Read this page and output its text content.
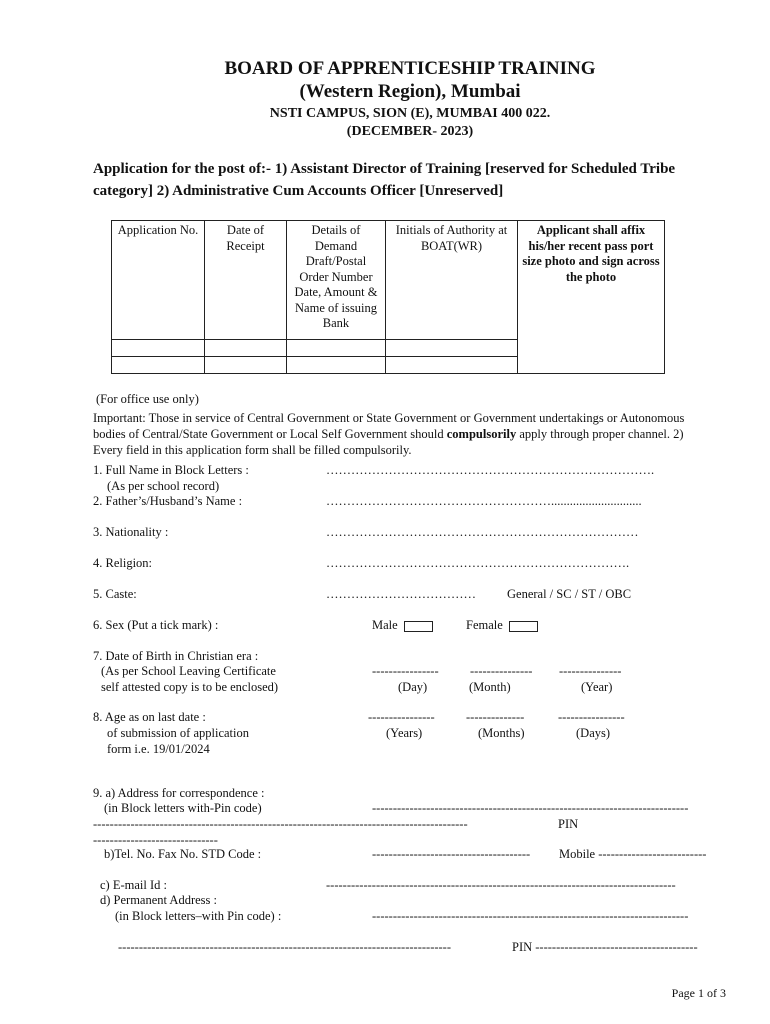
BOARD OF APPRENTICESHIP TRAINING
(Western Region), Mumbai
NSTI CAMPUS, SION (E), MUMBAI 400 022.
(DECEMBER- 2023)
Application for the post of:- 1) Assistant Director of Training [reserved for Scheduled Tribe category] 2) Administrative Cum Accounts Officer [Unreserved]
Application No.	Date of Receipt	Details of Demand Draft/Postal Order Number Date, Amount & Name of issuing Bank	Initials of Authority at BOAT(WR)	Applicant shall affix his/her recent pass port size photo and sign across the photo

(For office use only)
Important: Those in service of Central Government or State Government or Government undertakings or Autonomous bodies of Central/State Government or Local Self Government should compulsorily apply through proper channel. 2) Every field in this application form shall be filled compulsorily.
1. Full Name in Block Letters :
(As per school record)
…………………………………………………………………….
2. Father’s/Husband’s Name :	……………………………………………….............................
3. Nationality :	…………………………………………………………………
4. Religion:	……………………………………………………………….
5. Caste:	……………………………… General / SC / ST / OBC
6. Sex (Put a tick mark) :	Male	Female
7. Date of Birth in Christian era :
(As per School Leaving Certificate
self attested copy is to be enclosed)
----------------	--------------- ---------------
(Day)	(Month)	(Year)
8. Age as on last date :
of submission of application
form i.e. 19/01/2024
----------------	--------------	----------------
(Years)	(Months)	(Days)
9. a) Address for correspondence :
(in Block letters with-Pin code)	----------------------------------------------------------------------------
------------------------------------------------------------------------------------------	PIN
------------------------------
b)Tel. No. Fax No. STD Code :	-------------------------------------- Mobile --------------------------
c) E-mail Id :	------------------------------------------------------------------------------------
d) Permanent Address :
(in Block letters–with Pin code) :	----------------------------------------------------------------------------
--------------------------------------------------------------------------------	PIN ---------------------------------------
Page 1 of 3
